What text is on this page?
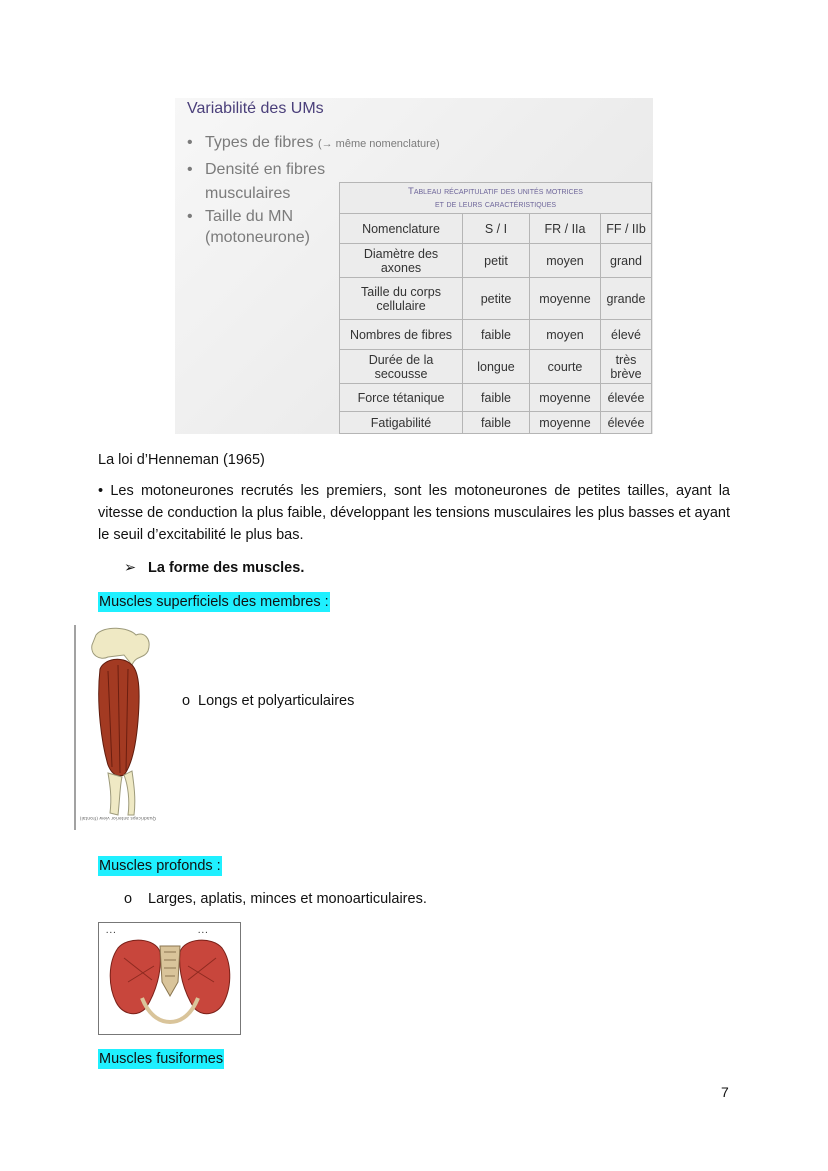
Variabilité des UMs
• Types de fibres (→ même nomenclature)
• Densité en fibres musculaires
• Taille du MN (motoneurone)
Tableau récapitulatif des unités motrices
et de leurs caractéristiques			

Nomenclature	S / I	FR / IIa	FF / IIb
Diamètre des axones	petit	moyen	grand
Taille du corps cellulaire	petite	moyenne	grande
Nombres de fibres	faible	moyen	élevé
Durée de la secousse	longue	courte	très brève
Force tétanique	faible	moyenne	élevée
Fatigabilité	faible	moyenne	élevée
La loi d’Henneman (1965)
• Les motoneurones recrutés les premiers, sont les motoneurones de petites tailles, ayant la vitesse de conduction la plus faible, développant les tensions musculaires les plus basses et ayant le seuil d’excitabilité le plus bas.
➢ La forme des muscles.
Muscles superficiels des membres :
Quadriceps anterior view (frontal)
o Longs et polyarticulaires
Muscles profonds :
o Larges, aplatis, minces et monoarticulaires.
• • •	• • •
Muscles fusiformes
7
